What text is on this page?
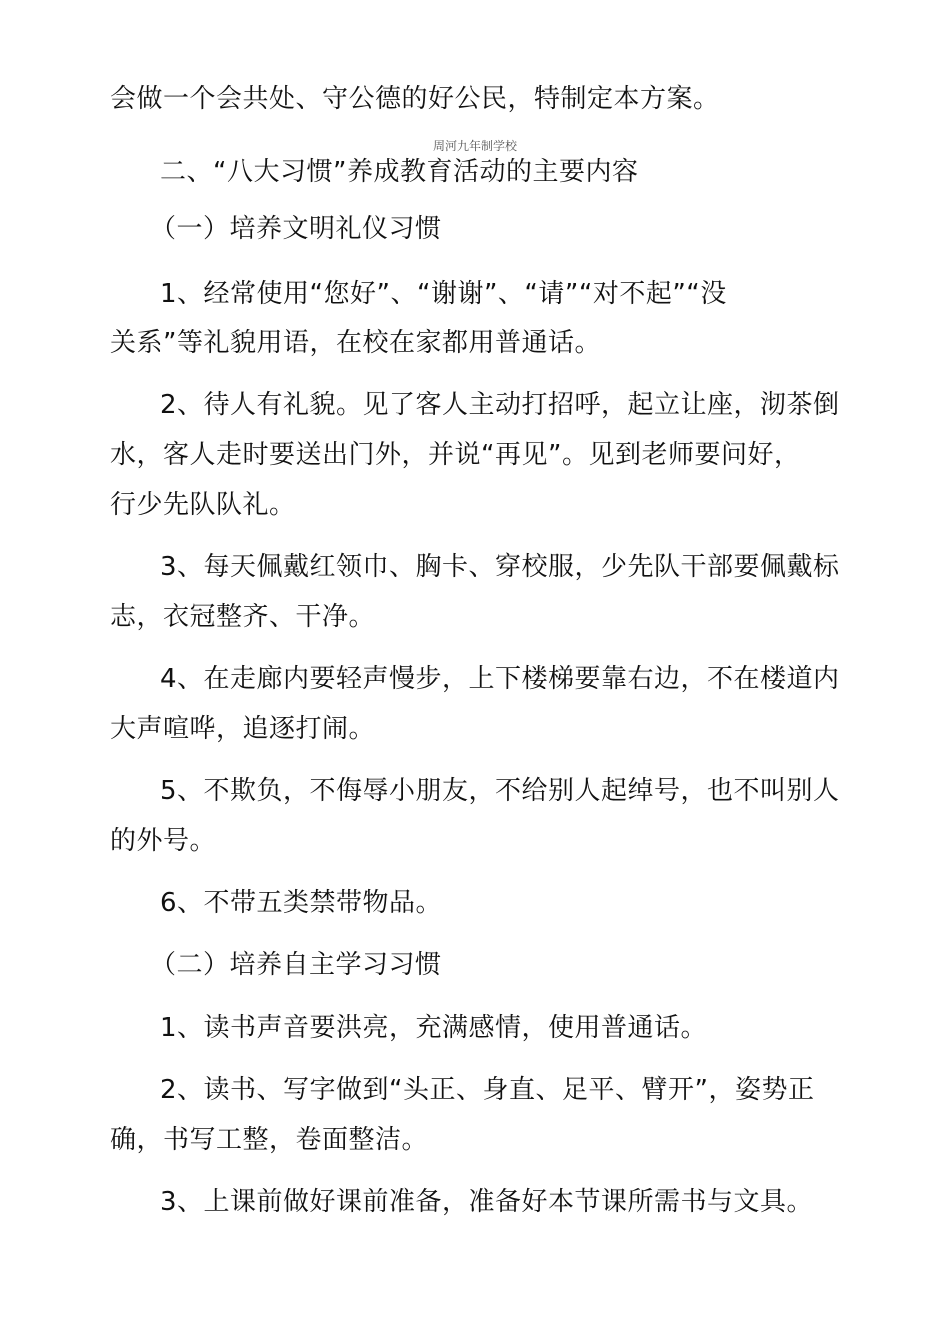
会做一个会共处、守公德的好公民，特制定本方案。
周河九年制学校
二、“八大习惯”养成教育活动的主要内容
（一）培养文明礼仪习惯
1、经常使用“您好”、“谢谢”、“请”“对不起”“没
关系”等礼貌用语，在校在家都用普通话。
2、待人有礼貌。见了客人主动打招呼，起立让座，沏茶倒
水，客人走时要送出门外，并说“再见”。见到老师要问好，
行少先队队礼。
3、每天佩戴红领巾、胸卡、穿校服，少先队干部要佩戴标
志，衣冠整齐、干净。
4、在走廊内要轻声慢步，上下楼梯要靠右边，不在楼道内
大声喧哗，追逐打闹。
5、不欺负，不侮辱小朋友，不给别人起绰号，也不叫别人
的外号。
6、不带五类禁带物品。
（二）培养自主学习习惯
1、读书声音要洪亮，充满感情，使用普通话。
2、读书、写字做到“头正、身直、足平、臂开”，姿势正
确，书写工整，卷面整洁。
3、上课前做好课前准备，准备好本节课所需书与文具。
